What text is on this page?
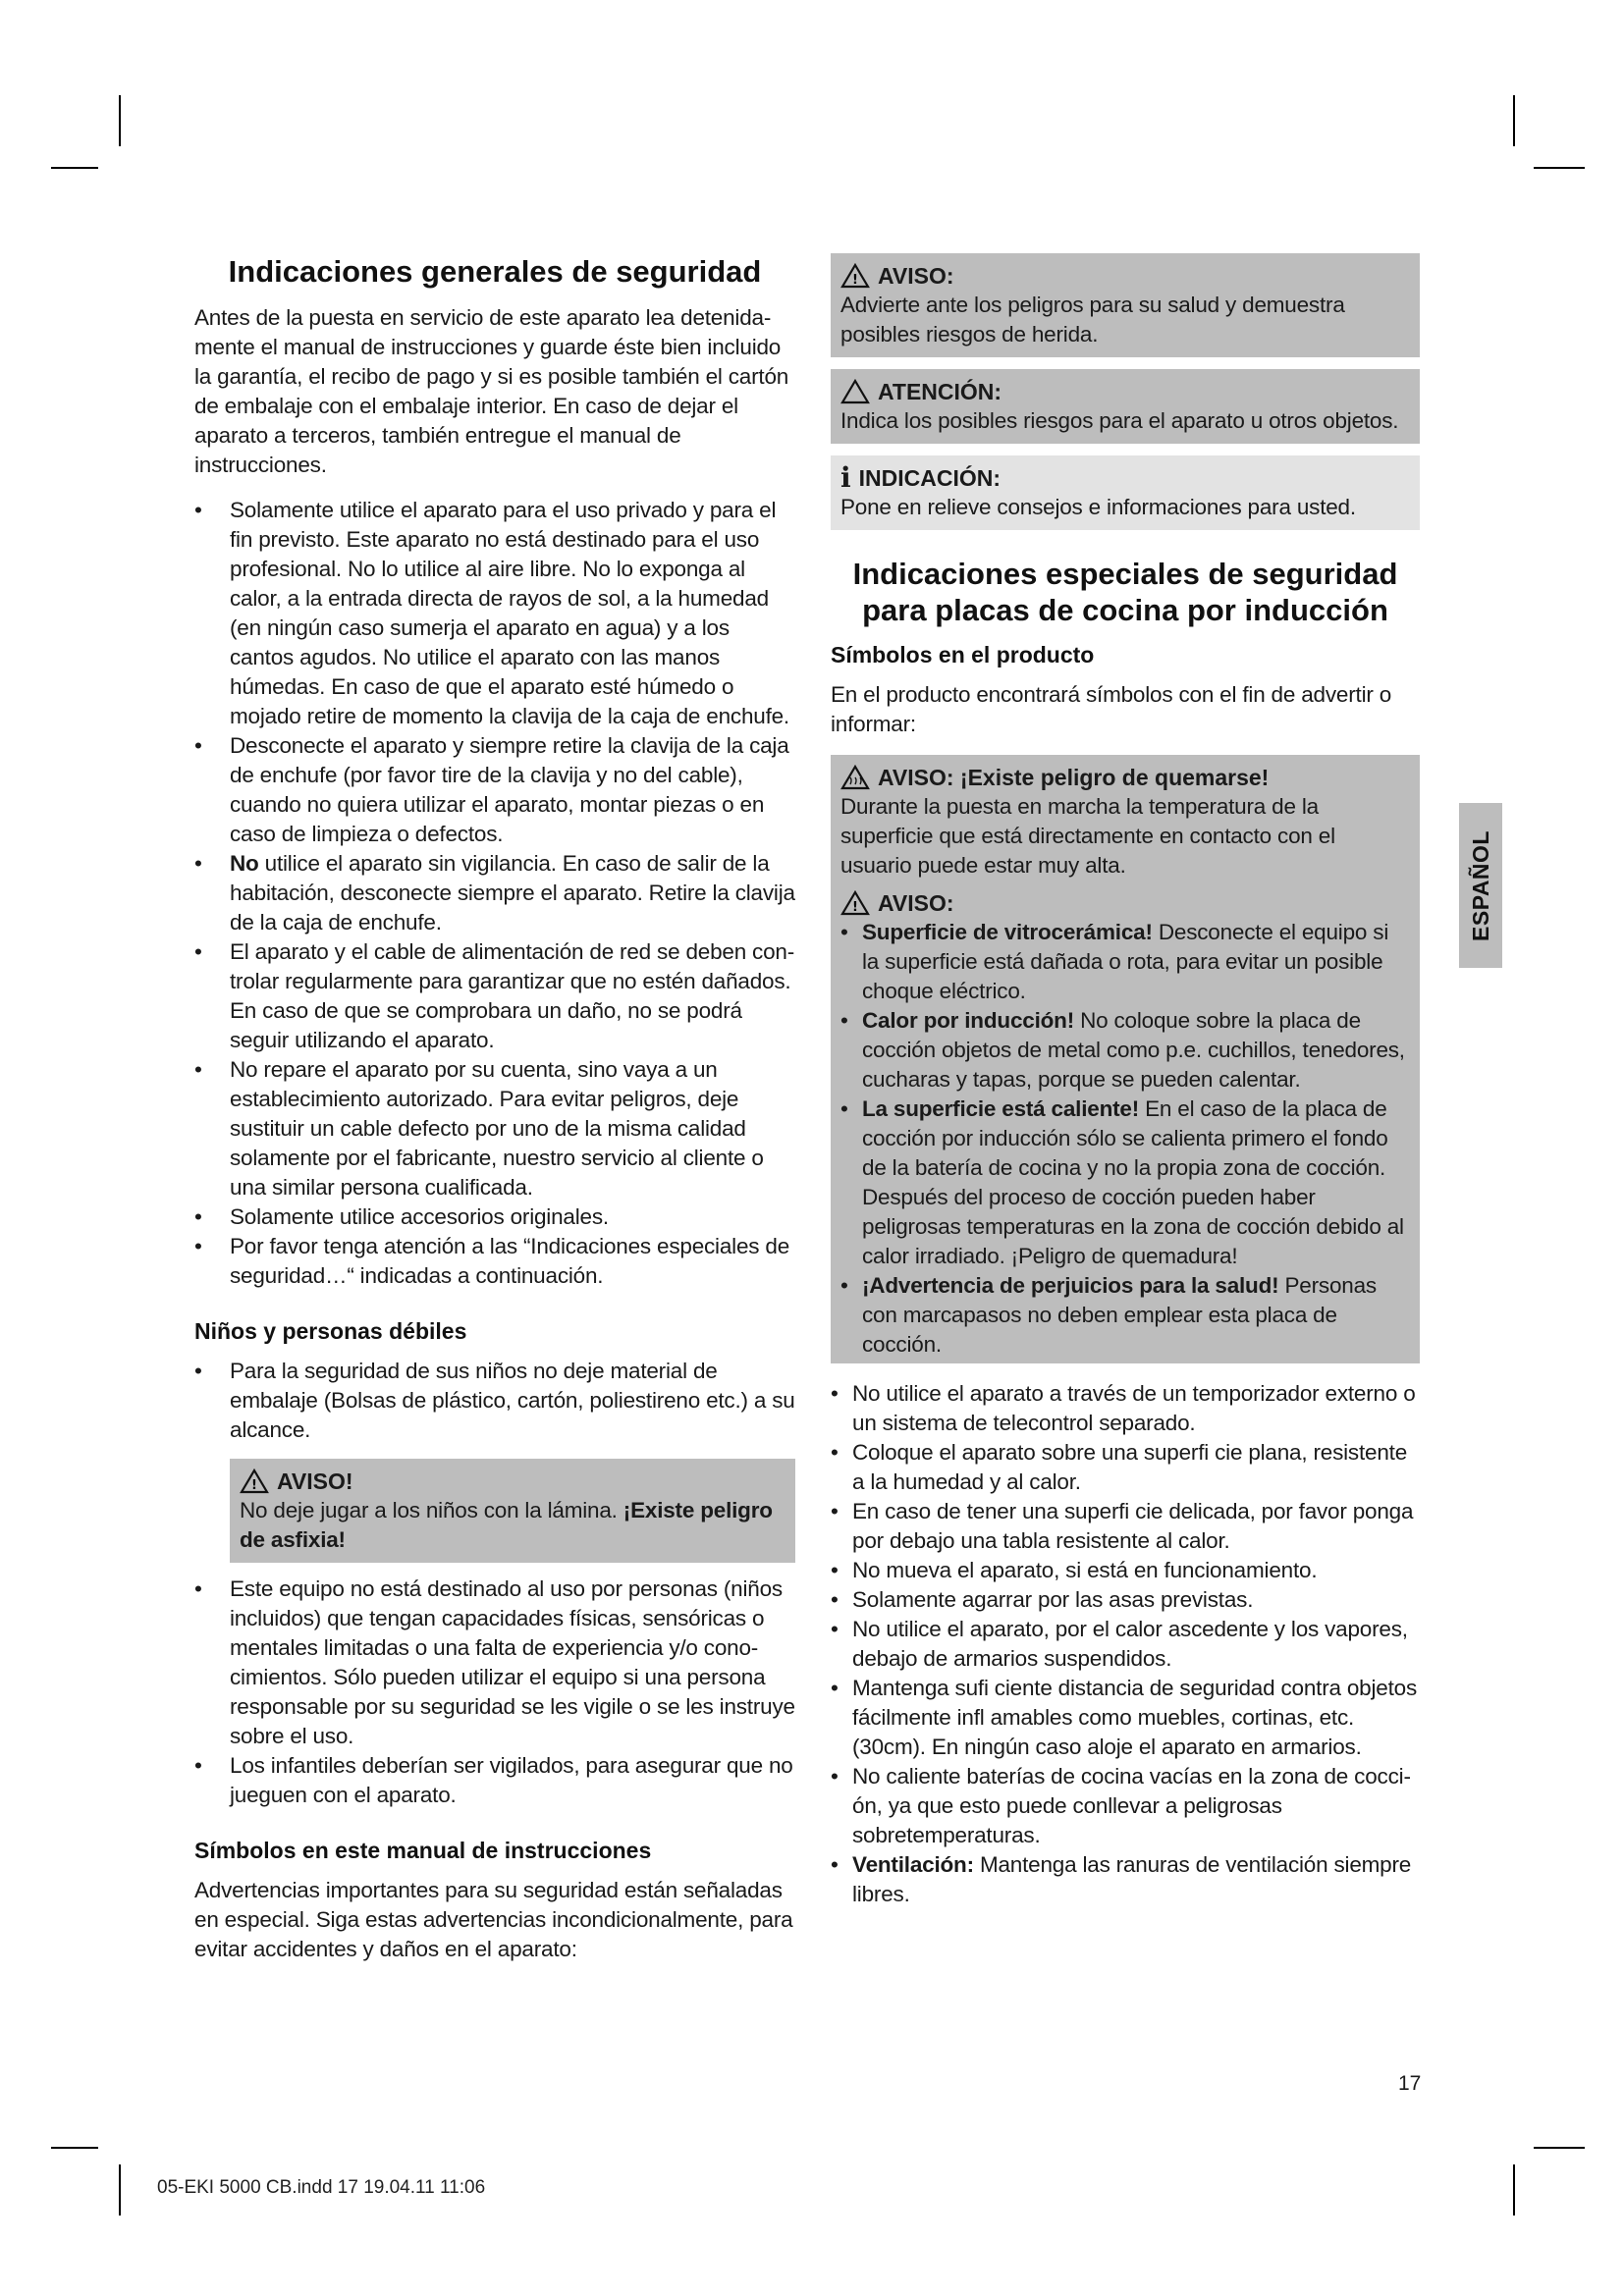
Indicaciones generales de seguridad

Antes de la puesta en servicio de este aparato lea detenidamente el manual de instrucciones y guarde éste bien incluido la garantía, el recibo de pago y si es posible también el cartón de embalaje con el embalaje interior. En caso de dejar el aparato a terceros, también entregue el manual de instrucciones.

• Solamente utilice el aparato para el uso privado y para el fin previsto. Este aparato no está destinado para el uso profesional. No lo utilice al aire libre. No lo exponga al calor, a la entrada directa de rayos de sol, a la humedad (en ningún caso sumerja el aparato en agua) y a los cantos agudos. No utilice el aparato con las manos húmedas. En caso de que el aparato esté húmedo o mojado retire de momento la clavija de la caja de enchufe.
• Desconecte el aparato y siempre retire la clavija de la caja de enchufe (por favor tire de la clavija y no del cable), cuando no quiera utilizar el aparato, montar piezas o en caso de limpieza o defectos.
• No utilice el aparato sin vigilancia. En caso de salir de la habitación, desconecte siempre el aparato. Retire la clavija de la caja de enchufe.
• El aparato y el cable de alimentación de red se deben controlar regularmente para garantizar que no estén dañados. En caso de que se comprobara un daño, no se podrá seguir utilizando el aparato.
• No repare el aparato por su cuenta, sino vaya a un establecimiento autorizado. Para evitar peligros, deje sustituir un cable defecto por uno de la misma calidad solamente por el fabricante, nuestro servicio al cliente o una similar persona cualificada.
• Solamente utilice accesorios originales.
• Por favor tenga atención a las “Indicaciones especiales de seguridad…“ indicadas a continuación.
Niños y personas débiles
• Para la seguridad de sus niños no deje material de embalaje (Bolsas de plástico, cartón, poliestireno etc.) a su alcance.
! AVISO!
No deje jugar a los niños con la lámina. ¡Existe peligro de asfixia!
• Este equipo no está destinado al uso por personas (niños incluidos) que tengan capacidades físicas, sensóricas o mentales limitadas o una falta de experiencia y/o conocimientos. Sólo pueden utilizar el equipo si una persona responsable por su seguridad se les vigile o se les instruye sobre el uso.
• Los infantiles deberían ser vigilados, para asegurar que no jueguen con el aparato.
Símbolos en este manual de instrucciones

Advertencias importantes para su seguridad están señaladas en especial. Siga estas advertencias incondicionalmente, para evitar accidentes y daños en el aparato:

! AVISO:
Advierte ante los peligros para su salud y demuestra posibles riesgos de herida.
ATENCIÓN:
Indica los posibles riesgos para el aparato u otros objetos.
i INDICACIÓN:
Pone en relieve consejos e informaciones para usted.
Indicaciones especiales de seguridad para placas de cocina por inducción
Símbolos en el producto

En el producto encontrará símbolos con el fin de advertir o informar:

AVISO: ¡Existe peligro de quemarse!
Durante la puesta en marcha la temperatura de la superficie que está directamente en contacto con el usuario puede estar muy alta.
! AVISO:
• Superficie de vitrocerámica! Desconecte el equipo si la superficie está dañada o rota, para evitar un posible choque eléctrico.
• Calor por inducción! No coloque sobre la placa de cocción objetos de metal como p.e. cuchillos, tenedores, cucharas y tapas, porque se pueden calentar.
• La superficie está caliente! En el caso de la placa de cocción por inducción sólo se calienta primero el fondo de la batería de cocina y no la propia zona de cocción. Después del proceso de cocción pueden haber peligrosas temperaturas en la zona de cocción debido al calor irradiado. ¡Peligro de quemadura!
• ¡Advertencia de perjuicios para la salud! Personas con marcapasos no deben emplear esta placa de cocción.
• No utilice el aparato a través de un temporizador externo o un sistema de telecontrol separado.
• Coloque el aparato sobre una superfi cie plana, resistente a la humedad y al calor.
• En caso de tener una superfi cie delicada, por favor ponga por debajo una tabla resistente al calor.
• No mueva el aparato, si está en funcionamiento.
• Solamente agarrar por las asas previstas.
• No utilice el aparato, por el calor ascedente y los vapores, debajo de armarios suspendidos.
• Mantenga sufi ciente distancia de seguridad contra objetos fácilmente infl amables como muebles, cortinas, etc. (30cm). En ningún caso aloje el aparato en armarios.
• No caliente baterías de cocina vacías en la zona de cocción, ya que esto puede conllevar a peligrosas sobretemperaturas.
• Ventilación: Mantenga las ranuras de ventilación siempre libres.
ESPAÑOL
17
05-EKI 5000 CB.indd 17 19.04.11 11:06
